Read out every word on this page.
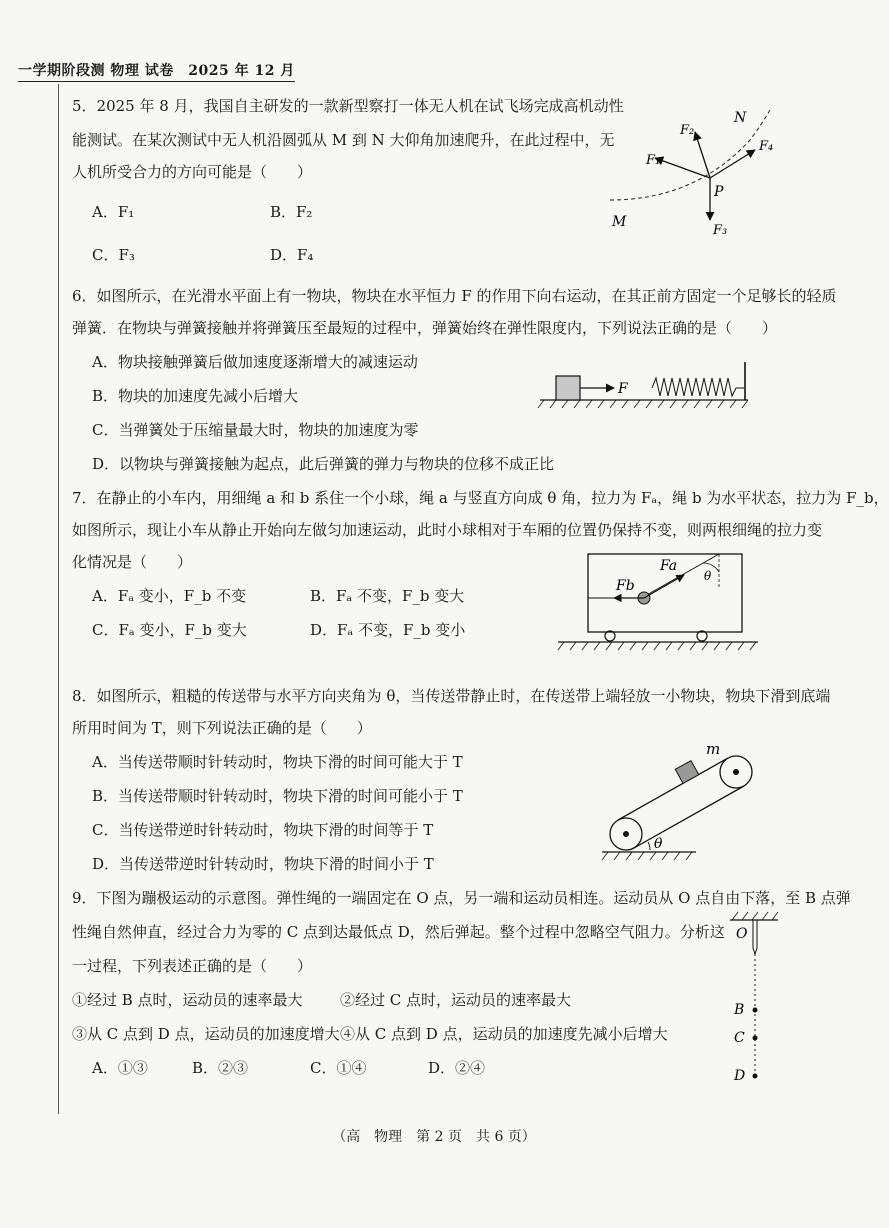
一学期阶段测 物理 试卷　2025 年 12 月
5．2025 年 8 月，我国自主研发的一款新型察打一体无人机在试飞场完成高机动性
能测试。在某次测试中无人机沿圆弧从 M 到 N 大仰角加速爬升，在此过程中，无
人机所受合力的方向可能是（　　）
A．F₁	B．F₂
C．F₃	D．F₄
N
M
P
F₁
F₂
F₃
F₄
6．如图所示，在光滑水平面上有一物块，物块在水平恒力 F 的作用下向右运动，在其正前方固定一个足够长的轻质
弹簧．在物块与弹簧接触并将弹簧压至最短的过程中，弹簧始终在弹性限度内，下列说法正确的是（　　）
A．物块接触弹簧后做加速度逐渐增大的减速运动
B．物块的加速度先减小后增大
C．当弹簧处于压缩量最大时，物块的加速度为零
D．以物块与弹簧接触为起点，此后弹簧的弹力与物块的位移不成正比
F
7．在静止的小车内，用细绳 a 和 b 系住一个小球，绳 a 与竖直方向成 θ 角，拉力为 Fₐ，绳 b 为水平状态，拉力为 F_b，
如图所示，现让小车从静止开始向左做匀加速运动，此时小球相对于车厢的位置仍保持不变，则两根细绳的拉力变
化情况是（　　）
A．Fₐ 变小，F_b 不变	B．Fₐ 不变，F_b 变大
C．Fₐ 变小，F_b 变大	D．Fₐ 不变，F_b 变小
Fa
Fb
θ
8．如图所示，粗糙的传送带与水平方向夹角为 θ，当传送带静止时，在传送带上端轻放一小物块，物块下滑到底端
所用时间为 T，则下列说法正确的是（　　）
A．当传送带顺时针转动时，物块下滑的时间可能大于 T
B．当传送带顺时针转动时，物块下滑的时间可能小于 T
C．当传送带逆时针转动时，物块下滑的时间等于 T
D．当传送带逆时针转动时，物块下滑的时间小于 T
m
θ
9．下图为蹦极运动的示意图。弹性绳的一端固定在 O 点，另一端和运动员相连。运动员从 O 点自由下落，至 B 点弹
性绳自然伸直，经过合力为零的 C 点到达最低点 D，然后弹起。整个过程中忽略空气阻力。分析这
一过程，下列表述正确的是（　　）
①经过 B 点时，运动员的速率最大 ②经过 C 点时，运动员的速率最大
③从 C 点到 D 点，运动员的加速度增大 ④从 C 点到 D 点，运动员的加速度先减小后增大
A．①③	B．②③	C．①④	D．②④
O
B
C
D
（高　物理　第 2 页　共 6 页）
